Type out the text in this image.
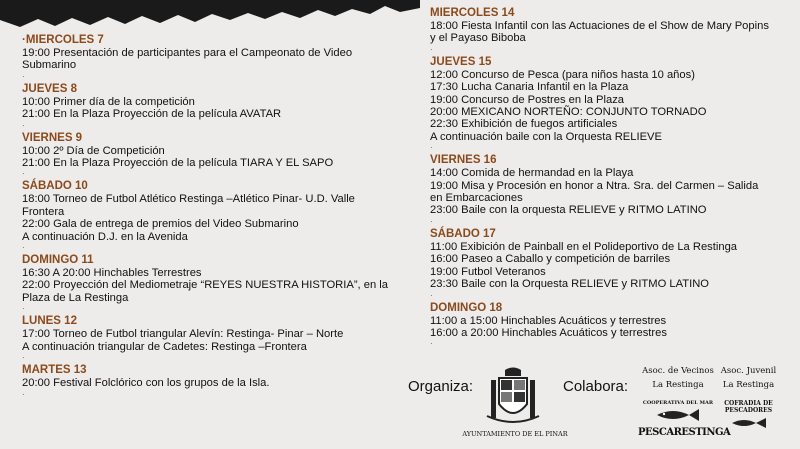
·MIERCOLES 7
19:00 Presentación de participantes para el Campeonato de Video
Submarino
·
JUEVES 8
10:00 Primer día de la competición
21:00 En la Plaza Proyección de la película AVATAR
·
VIERNES 9
10:00 2º Día de Competición
21:00 En la Plaza Proyección de la película TIARA Y EL SAPO
·
SÁBADO 10
18:00 Torneo de Futbol Atlético Restinga –Atlético Pinar- U.D. Valle
Frontera
22:00 Gala de entrega de premios del Video Submarino
A continuación D.J. en la Avenida
·
DOMINGO 11
16:30 A 20:00 Hinchables Terrestres
22:00 Proyección del Mediometraje “REYES NUESTRA HISTORIA”, en la
Plaza de La Restinga
·
LUNES 12
17:00 Torneo de Futbol triangular Alevín: Restinga- Pinar – Norte
A continuación triangular de Cadetes: Restinga –Frontera
·
MARTES 13
20:00 Festival Folclórico con los grupos de la Isla.
·
MIERCOLES 14
18:00 Fiesta Infantil con las Actuaciones de el Show de Mary Popins
y el Payaso Biboba
·
JUEVES 15
12:00 Concurso de Pesca (para niños hasta 10 años)
17:30 Lucha Canaria Infantil en la Plaza
19:00 Concurso de Postres en la Plaza
20:00 MEXICANO NORTEÑO: CONJUNTO TORNADO
22:30 Exhibición de fuegos artificiales
A continuación baile con la Orquesta RELIEVE
·
VIERNES 16
14:00 Comida de hermandad en la Playa
19:00 Misa y Procesión en honor a Ntra. Sra. del Carmen – Salida
en Embarcaciones
23:00 Baile con la orquesta RELIEVE y RITMO LATINO
·
SÁBADO 17
11:00 Exibición de Painball en el Polideportivo de La Restinga
16:00 Paseo a Caballo y competición de barriles
19:00 Futbol Veteranos
23:30 Baile con la Orquesta RELIEVE y RITMO LATINO
·
DOMINGO 18
11:00 a 15:00 Hinchables Acuáticos y terrestres
16:00 a 20:00 Hinchables Acuáticos y terrestres
·
Organiza:
AYUNTAMIENTO DE EL PINAR
Colabora:
Asoc. de Vecinos
La Restinga
COOPERATIVA DEL MAR
PESCARESTINGA
Asoc. Juvenil
La Restinga
COFRADIA DE
PESCADORES
